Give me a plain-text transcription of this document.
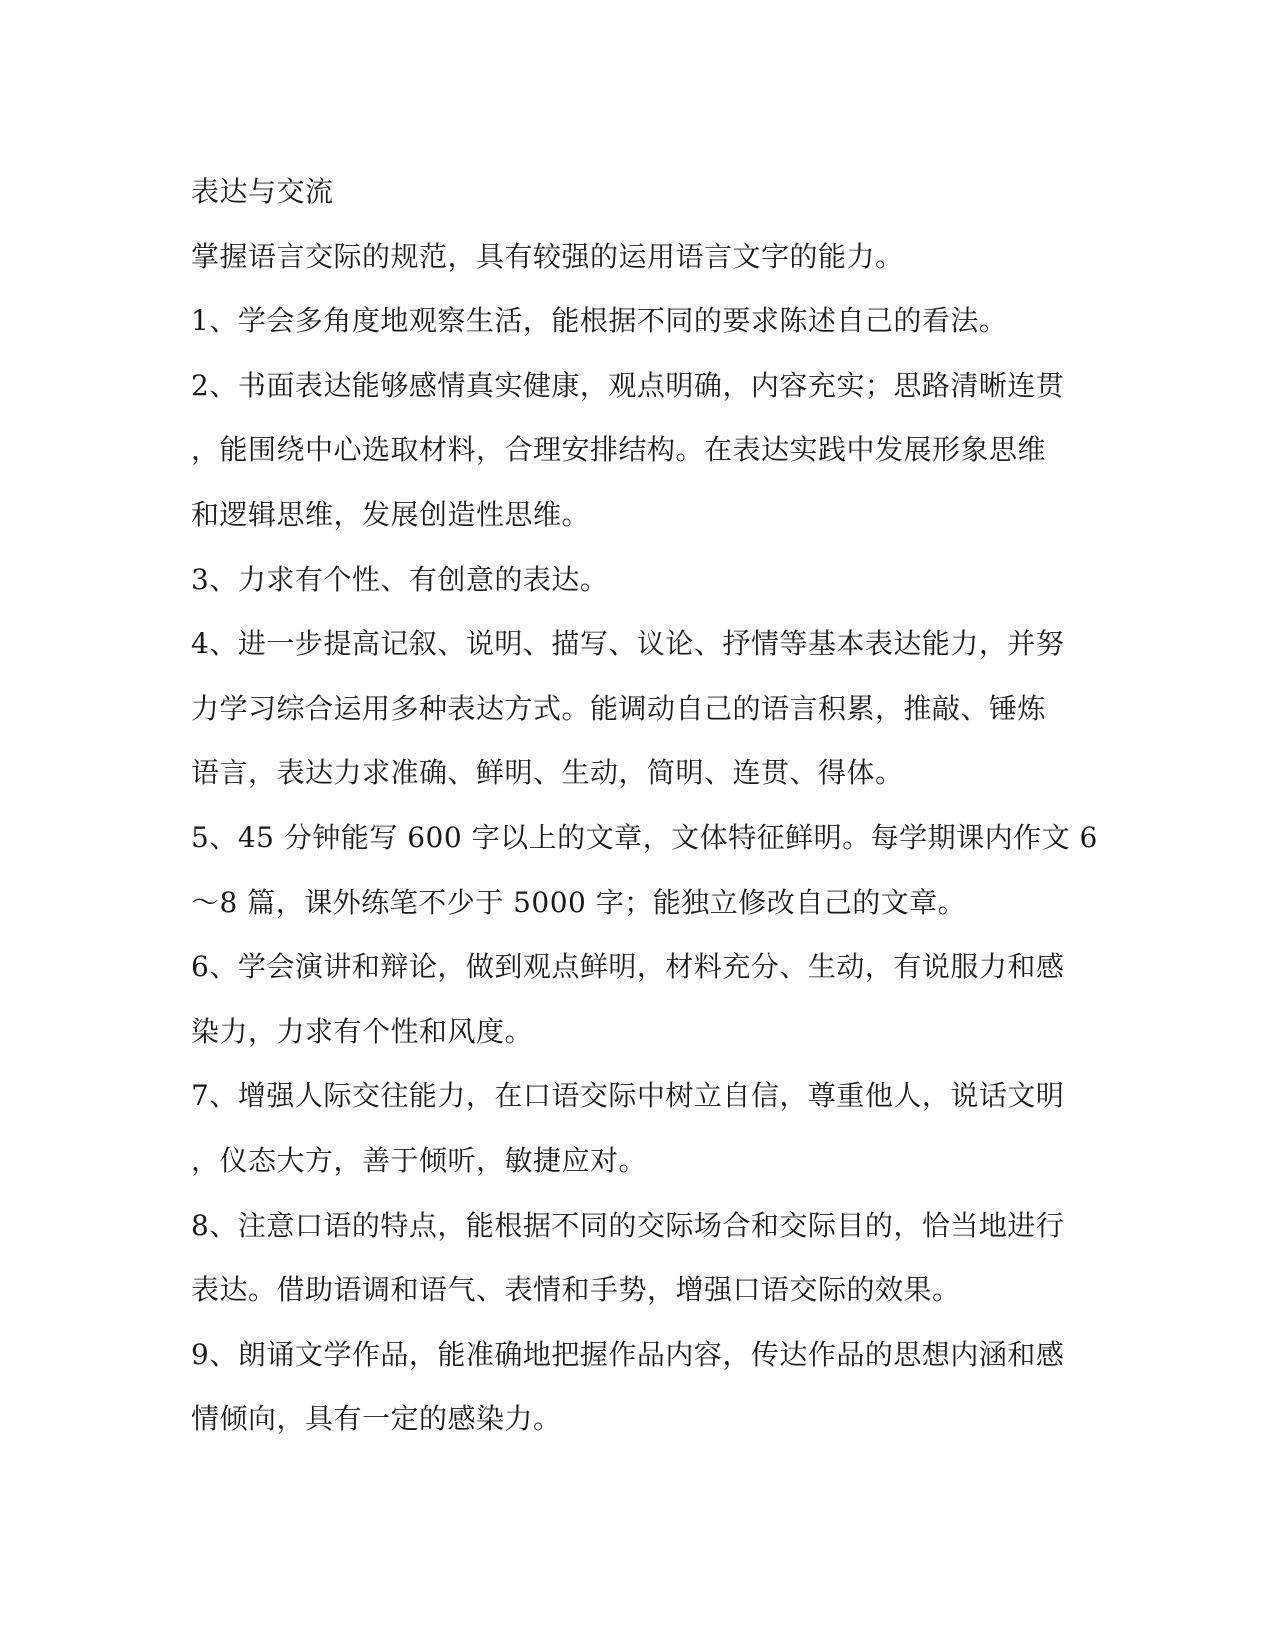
表达与交流
掌握语言交际的规范，具有较强的运用语言文字的能力。
1、学会多角度地观察生活，能根据不同的要求陈述自己的看法。
2、书面表达能够感情真实健康，观点明确，内容充实；思路清晰连贯
，能围绕中心选取材料，合理安排结构。在表达实践中发展形象思维
和逻辑思维，发展创造性思维。
3、力求有个性、有创意的表达。
4、进一步提高记叙、说明、描写、议论、抒情等基本表达能力，并努
力学习综合运用多种表达方式。能调动自己的语言积累，推敲、锤炼
语言，表达力求准确、鲜明、生动，简明、连贯、得体。
5、45 分钟能写 600 字以上的文章，文体特征鲜明。每学期课内作文 6
～8 篇，课外练笔不少于 5000 字；能独立修改自己的文章。
6、学会演讲和辩论，做到观点鲜明，材料充分、生动，有说服力和感
染力，力求有个性和风度。
7、增强人际交往能力，在口语交际中树立自信，尊重他人，说话文明
，仪态大方，善于倾听，敏捷应对。
8、注意口语的特点，能根据不同的交际场合和交际目的，恰当地进行
表达。借助语调和语气、表情和手势，增强口语交际的效果。
9、朗诵文学作品，能准确地把握作品内容，传达作品的思想内涵和感
情倾向，具有一定的感染力。
